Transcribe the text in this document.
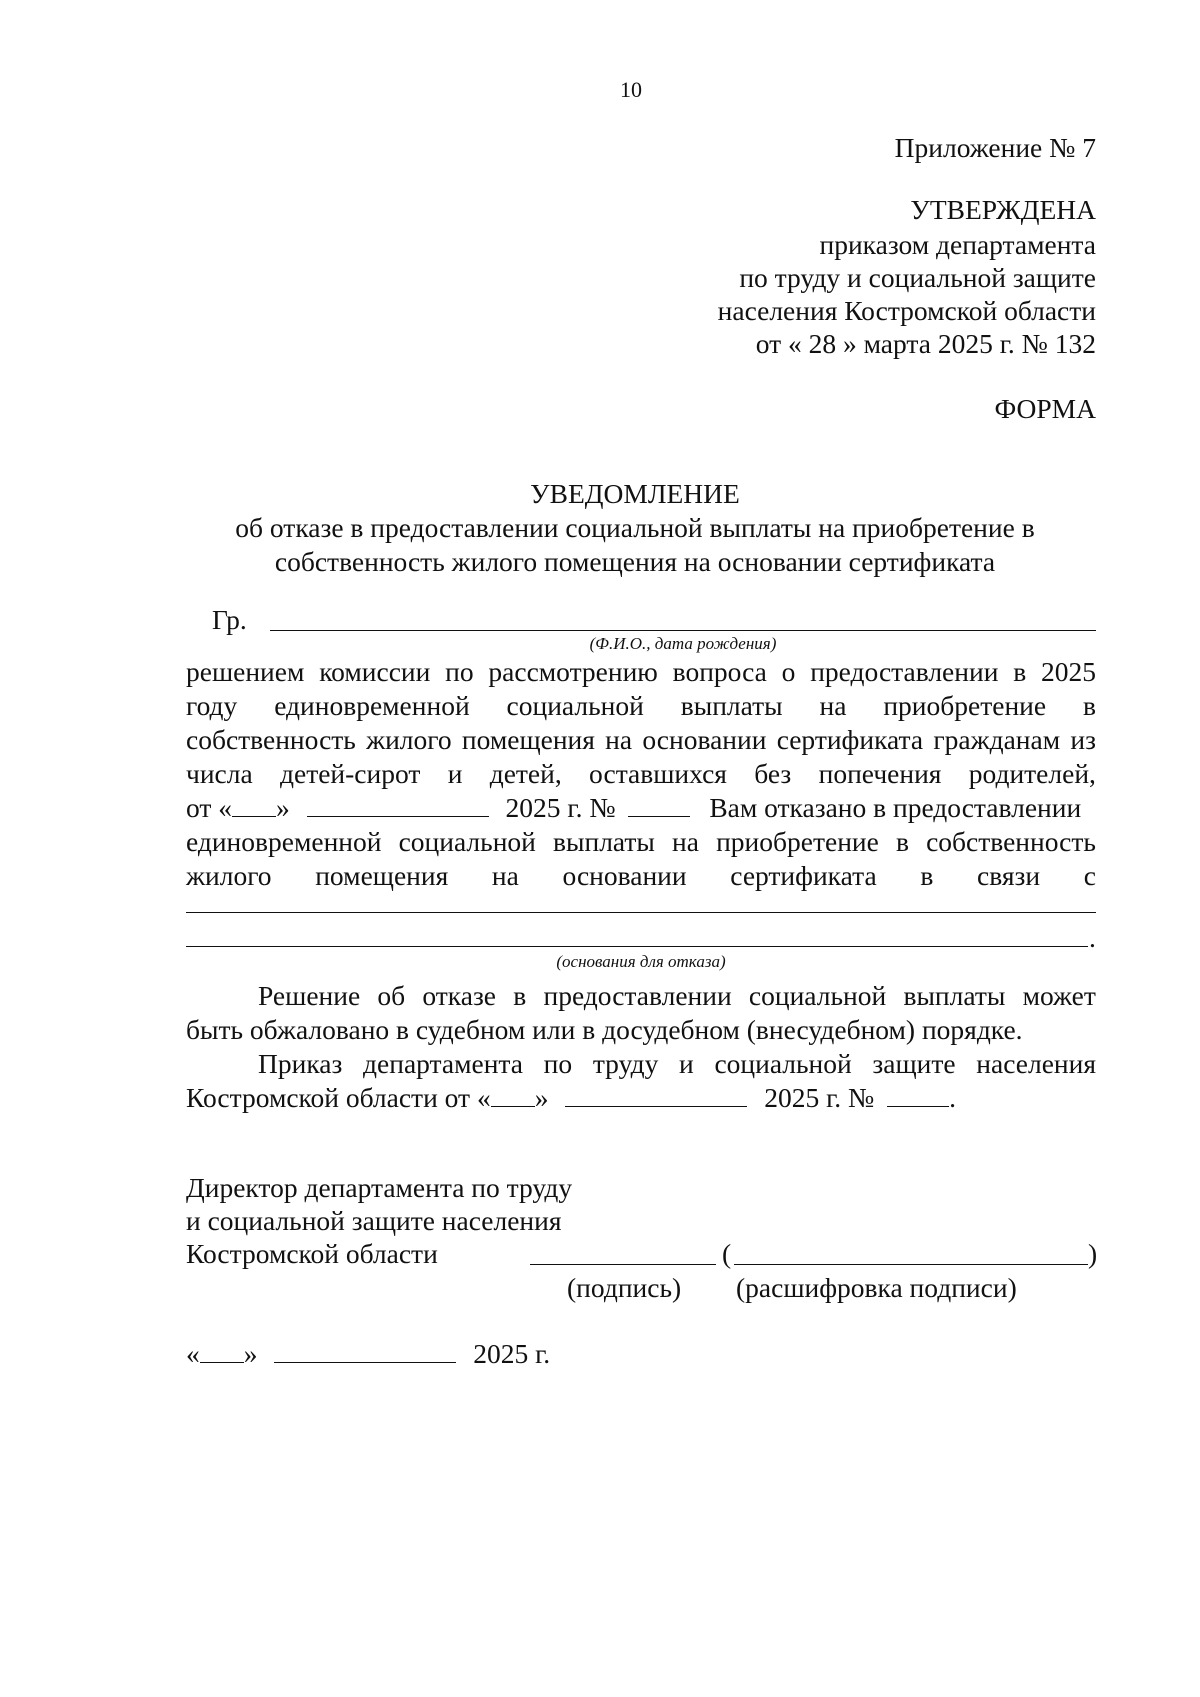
10
Приложение № 7
УТВЕРЖДЕНА
приказом департамента
по труду и социальной защите
населения Костромской области
от « 28 » марта 2025 г. № 132
ФОРМА
УВЕДОМЛЕНИЕ
об отказе в предоставлении социальной выплаты на приобретение в
собственность жилого помещения на основании сертификата
Гр.
(Ф.И.О., дата рождения)
решением комиссии по рассмотрению вопроса о предоставлении в 2025
году единовременной социальной выплаты на приобретение в
собственность жилого помещения на основании сертификата гражданам из
числа детей-сирот и детей, оставшихся без попечения родителей,
от « »	2025 г. №	Вам отказано в предоставлении
единовременной социальной выплаты на приобретение в собственность
жилого помещения на основании сертификата в связи с
.
(основания для отказа)
Решение об отказе в предоставлении социальной выплаты может
быть обжаловано в судебном или в досудебном (внесудебном) порядке.
Приказ департамента по труду и социальной защите населения
Костромской области от « »	2025 г. №	.
Директор департамента по труду
и социальной защите населения
Костромской области	(	)
(подпись) (расшифровка подписи)
« »	2025 г.
